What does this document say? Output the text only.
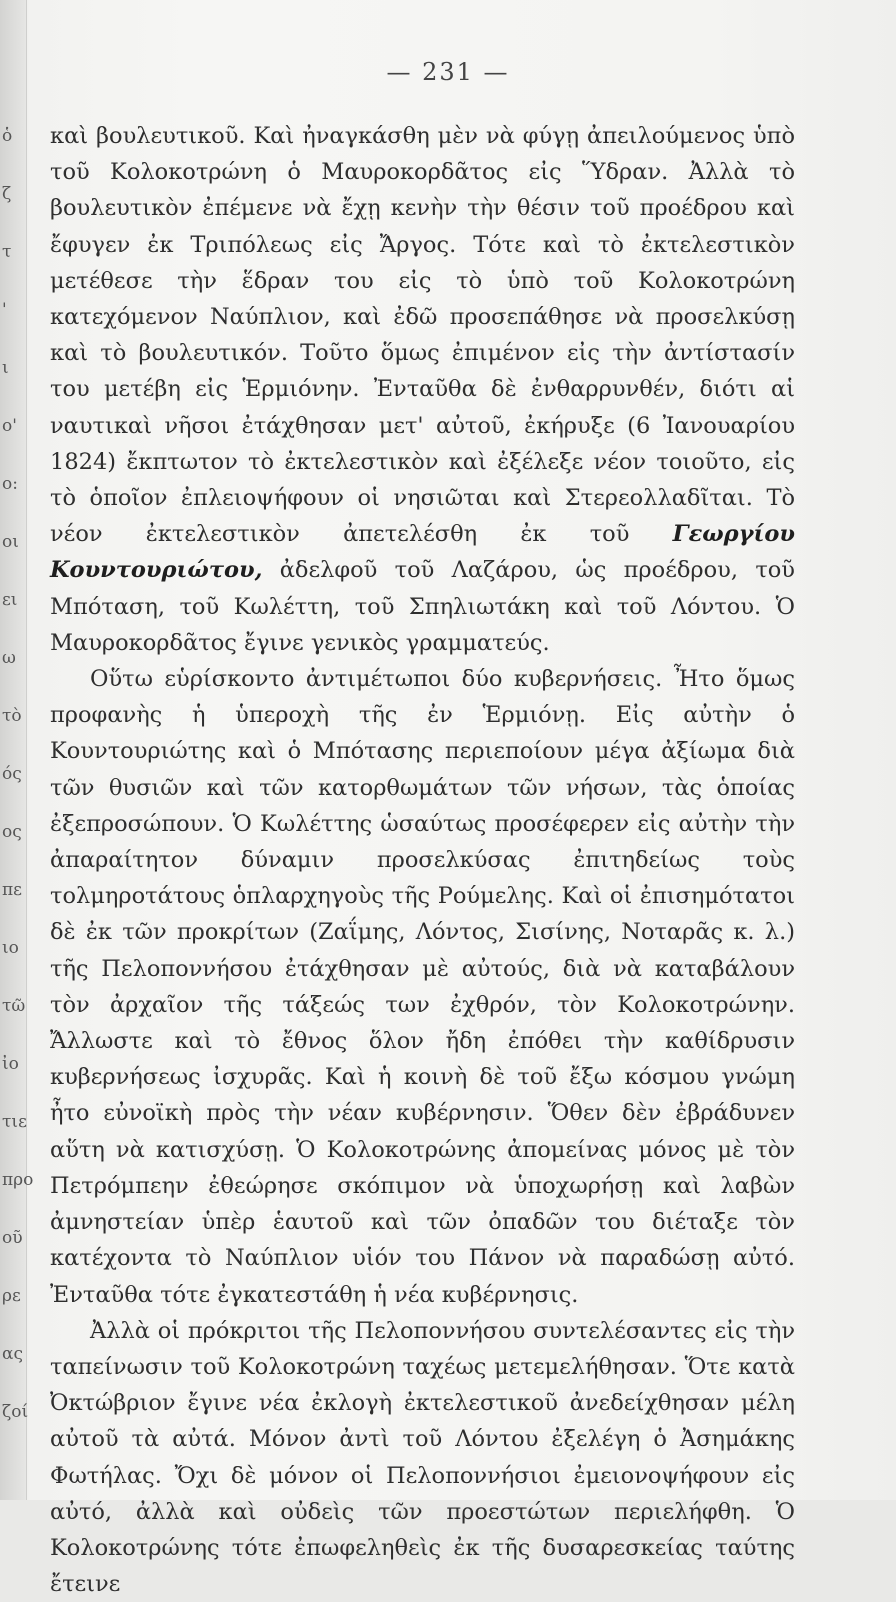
ὁ
ζ
τ
'
ι
ο'
ο:
οι
ει
ω
τὸ
ός
ος
πε
ιο
τῶ
ἰο
τιε
προ
οῦ
ρε
ας
ζοί
— 231 —

καὶ βουλευτικοῦ. Καὶ ἠναγκάσθη μὲν νὰ φύγῃ ἀπειλούμενος ὑπὸ τοῦ Κολοκοτρώνη ὁ Μαυροκορδᾶτος εἰς Ὕδραν. Ἀλλὰ τὸ βουλευτικὸν ἐπέμενε νὰ ἔχῃ κενὴν τὴν θέσιν τοῦ προέδρου καὶ ἔφυγεν ἐκ Τριπόλεως εἰς Ἄργος. Τότε καὶ τὸ ἐκτελεστικὸν μετέθεσε τὴν ἕδραν του εἰς τὸ ὑπὸ τοῦ Κολοκοτρώνη κατεχόμενον Ναύπλιον, καὶ ἐδῶ προσεπάθησε νὰ προσελκύσῃ καὶ τὸ βουλευτικόν. Τοῦτο ὅμως ἐπιμένον εἰς τὴν ἀντίστασίν του μετέβη εἰς Ἑρμιόνην. Ἐνταῦθα δὲ ἐνθαρρυνθέν, διότι αἱ ναυτικαὶ νῆσοι ἐτάχθησαν μετ' αὐτοῦ, ἐκήρυξε (6 Ἰανουαρίου 1824) ἔκπτωτον τὸ ἐκτελεστικὸν καὶ ἐξέλεξε νέον τοιοῦτο, εἰς τὸ ὁποῖον ἐπλειοψήφουν οἱ νησιῶται καὶ Στερεολλαδῖται. Τὸ νέον ἐκτελεστικὸν ἀπετελέσθη ἐκ τοῦ Γεωργίου Κουντουριώτου, ἀδελφοῦ τοῦ Λαζάρου, ὡς προέδρου, τοῦ Μπόταση, τοῦ Κωλέττη, τοῦ Σπηλιωτάκη καὶ τοῦ Λόντου. Ὁ Μαυροκορδᾶτος ἔγινε γενικὸς γραμματεύς.

Οὕτω εὑρίσκοντο ἀντιμέτωποι δύο κυβερνήσεις. Ἦτο ὅμως προφανὴς ἡ ὑπεροχὴ τῆς ἐν Ἑρμιόνῃ. Εἰς αὐτὴν ὁ Κουντουριώτης καὶ ὁ Μπότασης περιεποίουν μέγα ἀξίωμα διὰ τῶν θυσιῶν καὶ τῶν κατορθωμάτων τῶν νήσων, τὰς ὁποίας ἐξεπροσώπουν. Ὁ Κωλέττης ὡσαύτως προσέφερεν εἰς αὐτὴν τὴν ἀπαραίτητον δύναμιν προσελκύσας ἐπιτηδείως τοὺς τολμηροτάτους ὁπλαρχηγοὺς τῆς Ρούμελης. Καὶ οἱ ἐπισημότατοι δὲ ἐκ τῶν προκρίτων (Ζαΐμης, Λόντος, Σισίνης, Νοταρᾶς κ. λ.) τῆς Πελοποννήσου ἐτάχθησαν μὲ αὐτούς, διὰ νὰ καταβάλουν τὸν ἀρχαῖον τῆς τάξεώς των ἐχθρόν, τὸν Κολοκοτρώνην. Ἄλλωστε καὶ τὸ ἔθνος ὅλον ἤδη ἐπόθει τὴν καθίδρυσιν κυβερνήσεως ἰσχυρᾶς. Καὶ ἡ κοινὴ δὲ τοῦ ἔξω κόσμου γνώμη ἦτο εὐνοϊκὴ πρὸς τὴν νέαν κυβέρνησιν. Ὅθεν δὲν ἐβράδυνεν αὕτη νὰ κατισχύσῃ. Ὁ Κολοκοτρώνης ἀπομείνας μόνος μὲ τὸν Πετρόμπεην ἐθεώρησε σκόπιμον νὰ ὑποχωρήσῃ καὶ λαβὼν ἀμνηστείαν ὑπὲρ ἑαυτοῦ καὶ τῶν ὀπαδῶν του διέταξε τὸν κατέχοντα τὸ Ναύπλιον υἱόν του Πάνον νὰ παραδώσῃ αὐτό. Ἐνταῦθα τότε ἐγκατεστάθη ἡ νέα κυβέρνησις.

Ἀλλὰ οἱ πρόκριτοι τῆς Πελοποννήσου συντελέσαντες εἰς τὴν ταπείνωσιν τοῦ Κολοκοτρώνη ταχέως μετεμελήθησαν. Ὅτε κατὰ Ὀκτώβριον ἔγινε νέα ἐκλογὴ ἐκτελεστικοῦ ἀνεδείχθησαν μέλη αὐτοῦ τὰ αὐτά. Μόνον ἀντὶ τοῦ Λόντου ἐξελέγη ὁ Ἀσημάκης Φωτήλας. Ὄχι δὲ μόνον οἱ Πελοποννήσιοι ἐμειονοψήφουν εἰς αὐτό, ἀλλὰ καὶ οὐδεὶς τῶν προεστώτων περιελήφθη. Ὁ Κολοκοτρώνης τότε ἐπωφεληθεὶς ἐκ τῆς δυσαρεσκείας ταύτης ἔτεινε
